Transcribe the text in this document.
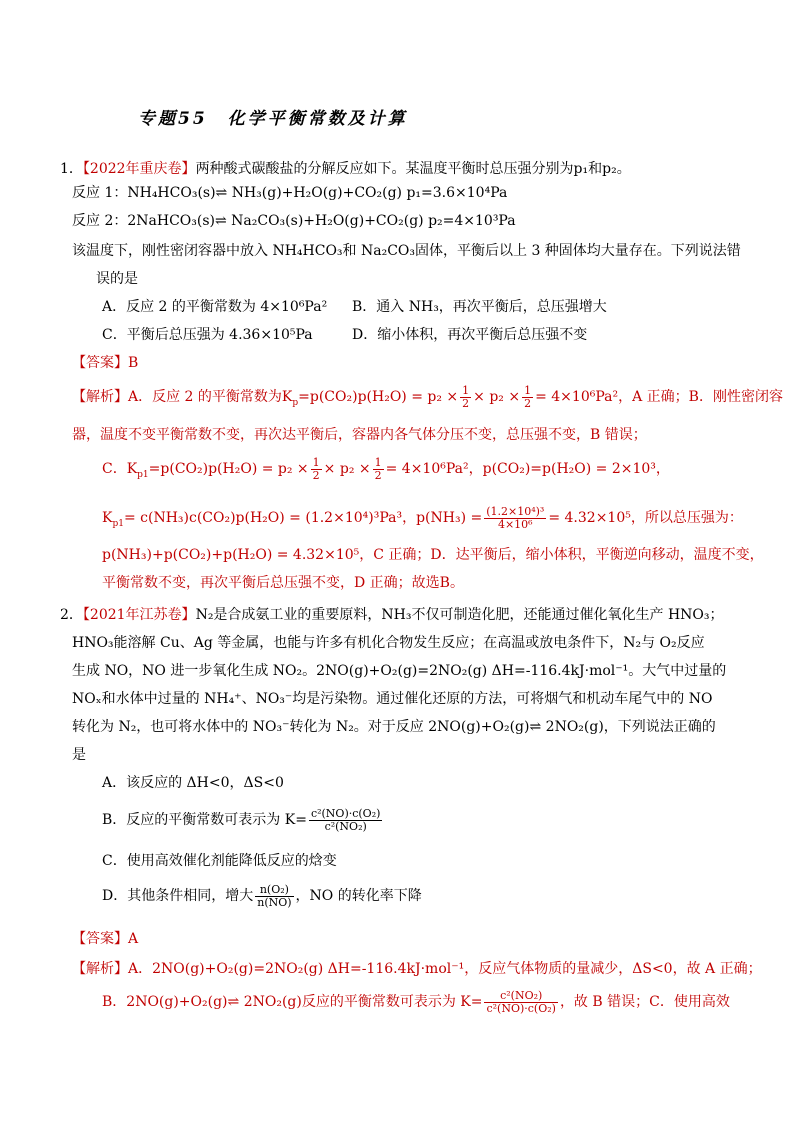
专题55　化学平衡常数及计算
1．【2022年重庆卷】两种酸式碳酸盐的分解反应如下。某温度平衡时总压强分别为p₁和p₂。
反应 1：NH₄HCO₃(s)⇌ NH₃(g)+H₂O(g)+CO₂(g) p₁=3.6×10⁴Pa
反应 2：2NaHCO₃(s)⇌ Na₂CO₃(s)+H₂O(g)+CO₂(g) p₂=4×10³Pa
该温度下，刚性密闭容器中放入 NH₄HCO₃和 Na₂CO₃固体，平衡后以上 3 种固体均大量存在。下列说法错
误的是
A．反应 2 的平衡常数为 4×10⁶Pa² B．通入 NH₃，再次平衡后，总压强增大
C．平衡后总压强为 4.36×10⁵Pa	D．缩小体积，再次平衡后总压强不变
【答案】B
【解析】A．反应 2 的平衡常数为$K_p=p(CO_2)p(H_2O) = p_2 \times \frac{1}{2} \times p_2 \times \frac{1}{2} = 4\times 10^6Pa^2$，A 正确；B．刚性密闭容
器，温度不变平衡常数不变，再次达平衡后，容器内各气体分压不变，总压强不变，B 错误；
C．$K_{p1}=p(CO_2)p(H_2O) = p_2 \times \frac{1}{2} \times p_2 \times \frac{1}{2} = 4\times 10^6Pa^2$，p(CO₂)=p(H₂O) = 2×10³，
$K_{p1}= c(NH_3)c(CO_2)p(H_2O) = (1.2\times 10^4)^3Pa^3$，$p(NH_3) = \frac{\text{(1.2×10⁴)³}}{\text{4×10⁶}} = 4.32\times 10^5$，所以总压强为：
p(NH₃)+p(CO₂)+p(H₂O) = 4.32×10⁵，C 正确；D．达平衡后，缩小体积，平衡逆向移动，温度不变，
平衡常数不变，再次平衡后总压强不变，D 正确；故选B。
2．【2021年江苏卷】N₂是合成氨工业的重要原料，NH₃不仅可制造化肥，还能通过催化氧化生产 HNO₃；
HNO₃能溶解 Cu、Ag 等金属，也能与许多有机化合物发生反应；在高温或放电条件下，N₂与 O₂反应
生成 NO，NO 进一步氧化生成 NO₂。2NO(g)+O₂(g)=2NO₂(g) ΔH=-116.4kJ·mol⁻¹。大气中过量的
NOₓ和水体中过量的 NH₄⁺、NO₃⁻均是污染物。通过催化还原的方法，可将烟气和机动车尾气中的 NO
转化为 N₂，也可将水体中的 NO₃⁻转化为 N₂。对于反应 2NO(g)+O₂(g)⇌ 2NO₂(g)，下列说法正确的
是
A．该反应的 ΔH<0，ΔS<0
B．反应的平衡常数可表示为 $K= \frac{\text{c²(NO)·c(O₂)}}{\text{c²(NO₂)}}$
C．使用高效催化剂能降低反应的焓变
D．其他条件相同，增大 $\frac{\text{n(O₂)}}{n(NO)}$ ，NO 的转化率下降
【答案】A
【解析】A．2NO(g)+O₂(g)=2NO₂(g) ΔH=-116.4kJ·mol⁻¹，反应气体物质的量减少，ΔS<0，故 A 正确；
B．2NO(g)+O₂(g)⇌ 2NO₂(g)反应的平衡常数可表示为 $K= \frac{\text{c²(NO₂)}}{\text{c²(NO)·c(O₂)}}$ ，故 B 错误；C．使用高效
